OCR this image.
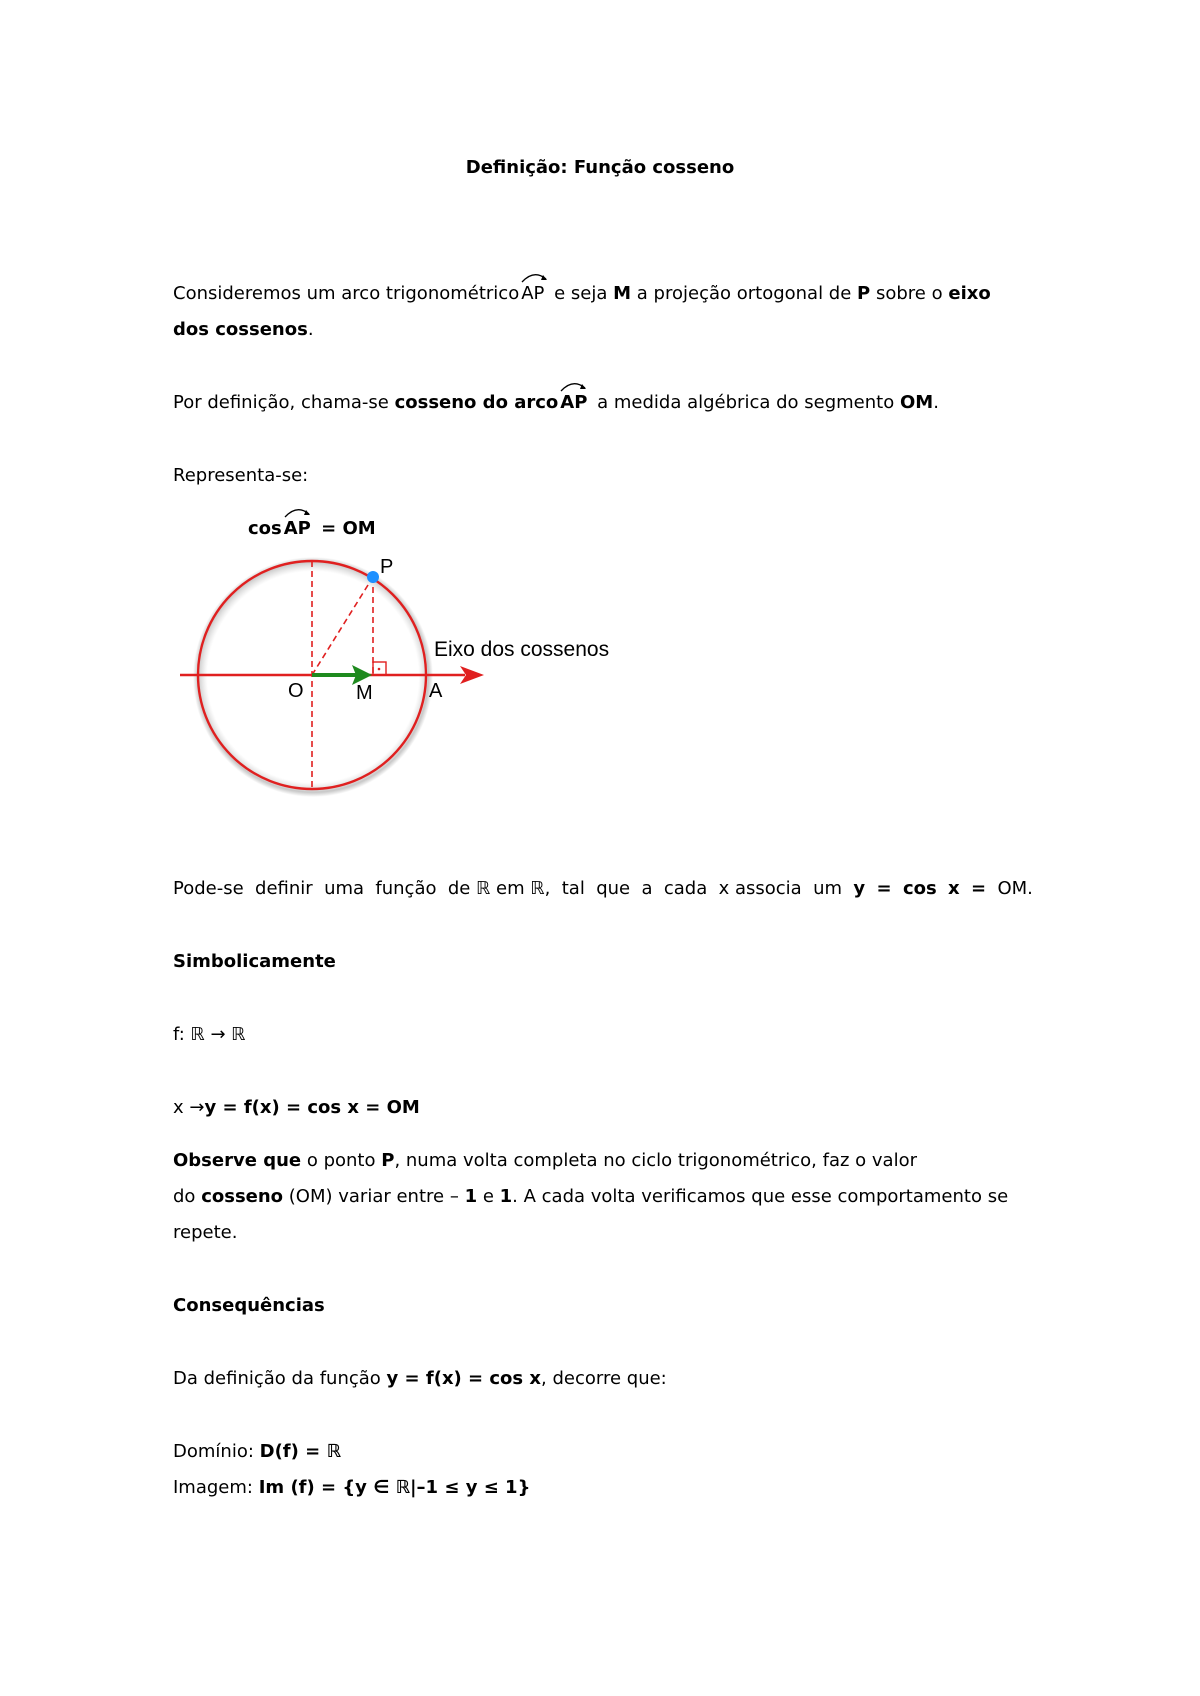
Definição: Função cosseno
Consideremos um arco trigonométrico AP e seja M a projeção ortogonal de P sobre o eixo
dos cossenos.
Por definição, chama-se cosseno do arco AP a medida algébrica do segmento OM.
Representa-se:
cos AP = OM
P
O	M	A
Eixo dos cossenos
Pode-se definir uma função de ℝ em ℝ, tal que a cada x associa um y = cos x = OM.
Simbolicamente
f: ℝ → ℝ
x →y = f(x) = cos x = OM
Observe que o ponto P, numa volta completa no ciclo trigonométrico, faz o valor
do cosseno (OM) variar entre – 1 e 1. A cada volta verificamos que esse comportamento se
repete.
Consequências
Da definição da função y = f(x) = cos x, decorre que:
Domínio: D(f) = ℝ
Imagem: Im (f) = {y ∈ ℝ|–1 ≤ y ≤ 1}
